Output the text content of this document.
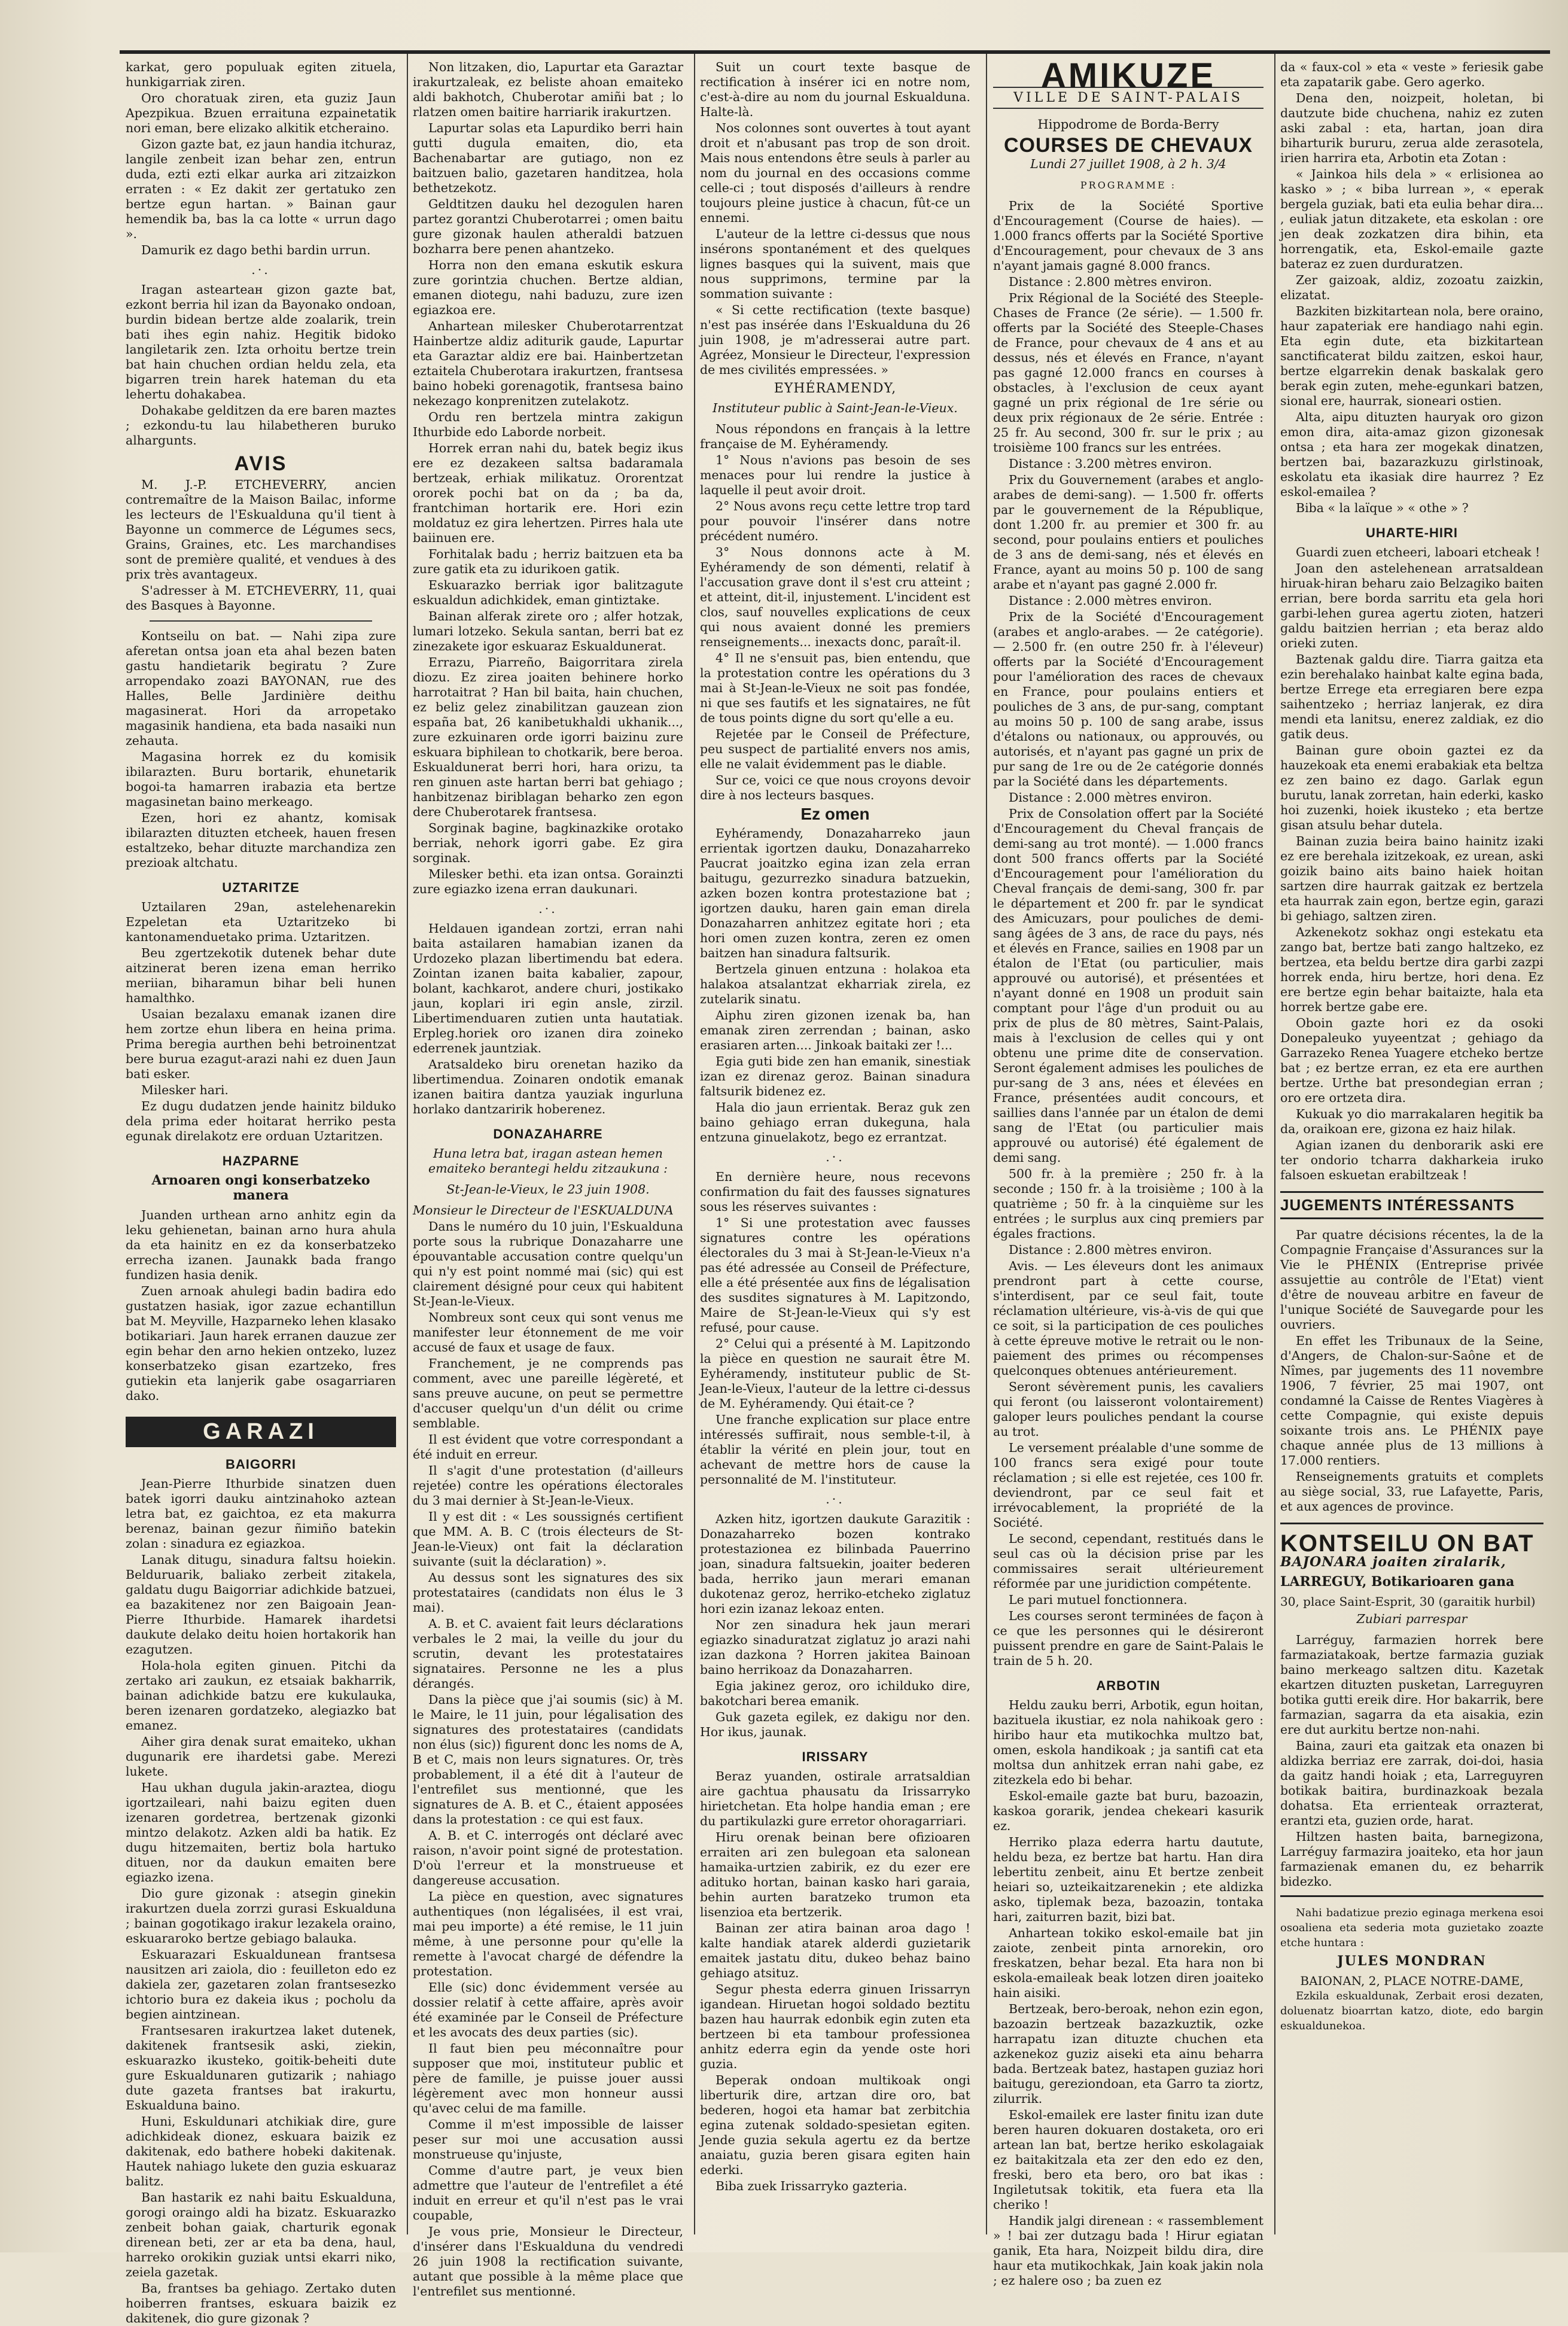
karkat, gero populuak egiten zituela, hunkigarriak ziren.

Oro choratuak ziren, eta guziz Jaun Apezpikua. Bzuen erraituna ezpainetatik nori eman, bere elizako alkitik etcheraino.

Gizon gazte bat, ez jaun handia itchuraz, langile zenbeit izan behar zen, entrun duda, ezti ezti elkar aurka ari zitzaizkon erraten : « Ez dakit zer gertatuko zen bertze egun hartan. » Bainan gaur hemendik ba, bas la ca lotte « urrun dago ».

Damurik ez dago bethi bardin urrun.

.·.

Iragan astearteaн gizon gazte bat, ezkont berria hil izan da Bayonako ondoan, burdin bidean bertze alde zoalarik, trein bati ihes egin nahiz. Hegitik bidoko langiletarik zen. Izta orhoitu bertze trein bat hain chuchen ordian heldu zela, eta bigarren trein harek hateman du eta lehertu dohakabea.

Dohakabe gelditzen da ere baren maztes ; ezkondu-tu lau hilabetheren buruko alhargunts.

AVIS

M. J.-P. ETCHEVERRY, ancien contremaître de la Maison Bailac, informe les lecteurs de l'Eskualduna qu'il tient à Bayonne un commerce de Légumes secs, Grains, Graines, etc. Les marchandises sont de première qualité, et vendues à des prix très avantageux.

S'adresser à M. ETCHEVERRY, 11, quai des Basques à Bayonne.

Kontseilu on bat. — Nahi ziра zure aferetan ontsa joan eta ahal bezen baten gastu handietarik begiratu ? Zure arropendako zoazi BAYONAN, rue des Halles, Belle Jardinière deithu magasinerat. Hori da arropetako magasinik handiena, eta bada nasaiki nun zehauta.

Magasina horrek ez du komisik ibilarazten. Buru bortarik, ehunetarik bogoi-ta hamarren irabazia eta bertze magasinetan baino merkeago.

Ezen, hori ez ahantz, komisak ibilarazten dituzten etcheek, hauen fresen estaltzeko, behar dituzte marchandiza zen prezioak altchatu.

UZTARITZE

Uztailaren 29an, astelehenarekin Ezpeletan eta Uztaritzeko bi kantonamenduetako prima. Uztaritzen.

Beu zgertzekotik dutenek behar dute aitzinerat beren izena eman herriko meriian, biharamun bihar beli hunen hamalthko.

Usaian bezalaxu emanak izanen dire hem zortze ehun libera en heina prima. Prima beregia aurthen behi betroinentzat bere burua ezagut-arazi nahi ez duen Jaun bati esker.

Milesker hari.

Ez dugu dudatzen jende hainitz bilduko dela prima eder hoitarat herriko pesta egunak direlakotz ere orduan Uztaritzen.

HAZPARNE
Arnoaren ongi konserbatzeko manera

Juanden urthean arno anhitz egin da leku gehienetan, bainan arno hura ahula da eta hainitz en ez da konserbatzeko errecha izanen. Jaunakk bada frango fundizen hasia denik.

Zuen arnoak ahulegi badin badira edo gustatzen hasiak, igor zazue echantillun bat M. Meyville, Hazparneko lehen klasako botikariari. Jaun harek erranen dauzue zer egin behar den arno hekien ontzeko, luzez konserbatzeko gisan ezartzeko, fres gutiekin eta lanjerik gabe osagarriaren dako.

GARAZI
BAIGORRI

Jean-Pierre Ithurbide sinatzen duen batek igorri dauku aintzinahoko aztean letra bat, ez gaichtoa, ez eta makurra berenaz, bainan gezur ñimiño batekin zolan : sinadura ez egiazkoa.

Lanak ditugu, sinadura faltsu hoiekin. Belduruarik, baliako zerbeit zitakela, galdatu dugu Baigorriar adichkide batzuei, ea bazakitenez nor zen Baigoain Jean-Pierre Ithurbide. Hamarek ihardetsi daukute delako deitu hoien hortakorik han ezagutzen.

Hola-hola egiten ginuen. Pitchi da zertako ari zaukun, ez etsaiak bakharrik, bainan adichkide batzu ere kukulauka, beren izenaren gordatzeko, alegiazko bat emanez.

Aiher gira denak surat emaiteko, ukhan dugunarik ere ihardetsi gabe. Merezi lukete.

Hau ukhan dugula jakin-araztea, diogu igortzaileari, nahi baizu egiten duen izenaren gordetrea, bertzenak gizonki mintzo delakotz. Azken aldi ba hatik. Ez dugu hitzemaiten, bertiz bola hartuko dituen, nor da daukun emaiten bere egiazko izena.

Dio gure gizonak : atsegin ginekin irakurtzen duela zorrzi gurasi Eskualduna ; bainan gogotikago irakur lezakela oraino, eskuararoko bertze gebiago balauka.

Eskuarazari Eskualdunean frantsesa nausitzen ari zaiola, dio : feuilleton edo ez dakiela zer, gazetaren zolan frantsesezko ichtorio bura ez dakeia ikus ; pocholu da begien aintzinean.

Frantsesaren irakurtzea laket dutenek, dakitenek frantsesik aski, ziekin, eskuarazko ikusteko, goitik-beheiti dute gure Eskualdunaren gutizarik ; nahiago dute gazeta frantses bat irakurtu, Eskualduna baino.

Huni, Eskuldunari atchikiak dire, gure adichkideak dionez, eskuara baizik ez dakitenak, edo bathere hobeki dakitenak. Hautek nahiago lukete den guzia eskuaraz balitz.

Ban hastarik ez nahi baitu Eskualduna, gorogi oraingo aldi ha bizatz. Eskuarazko zenbeit bohan gaiak, charturik egonak direnean beti, zer ar eta ba dena, haul, harreko orokikin guziak untsi ekarri niko, zeiela gazetak.

Ba, frantses ba gehiago. Zertako duten hoiberren frantses, eskuara baizik ez dakitenek, dio gure gizonak ?

Non litzaken, dio, Lapurtar eta Garaztar irakurtzaleak, ez beliste ahoan emaiteko aldi bakhotch, Chuberotar amiñi bat ; lo rlatzen omen baitire harriarik irakurtzen.

Lapurtar solas eta Lapurdiko berri hain gutti dugula emaiten, dio, eta Bachenabartar are gutiago, non ez baitzuen balio, gazetaren handitzea, hola bethetzekotz.

Geldtitzen dauku hel dezogulen haren partez gorantzi Chuberotarrei ; omen baitu gure gizonak haulen atheraldi batzuen bozharra bere penen ahantzeko.

Horra non den emana eskutik eskura zure gorintzia chuchen. Bertze aldian, emanen diotegu, nahi baduzu, zure izen egiazkoa ere.

Anhartean milesker Chuberotarrentzat Hainbertze aldiz aditurik gaude, Lapurtar eta Garaztar aldiz ere bai. Hainbertzetan eztaitela Chuberotara irakurtzen, frantsesa baino hobeki gorenagotik, frantsesa baino nekezago konprenitzen zutelakotz.

Ordu ren bertzela mintra zakigun Ithurbide edo Laborde norbeit.

Horrek erran nahi du, batek begiz ikus ere ez dezakeen saltsa badaramala bertzeak, erhiak milikatuz. Ororentzat ororek pochi bat on da ; ba da, frantchiman hortarik ere. Hori ezin moldatuz ez gira lehertzen. Pirres hala ute baiinuen ere.

Forhitalak badu ; herriz baitzuen eta ba zure gatik eta zu idurikoen gatik.

Eskuarazko berriak igor balitzagute eskualdun adichkidek, eman gintiztake.

Bainan alferak zirete oro ; alfer hotzak, lumari lotzeko. Sekula santan, berri bat ez zinezakete igor eskuaraz Eskualdunerat.

Errazu, Piarreño, Baigorritara zirela diozu. Ez zirea joaiten behinere horko harrotaitrat ? Han bil baita, hain chuchen, ez beliz gelez zinabilitzan gauzean zion españa bat, 26 kanibetukhaldi ukhanik..., zure ezkuinaren orde igorri baizinu zure eskuara biphilean to chotkarik, bere beroa. Eskualdunerat berri hori, hara orizu, ta ren ginuen aste hartan berri bat gehiago ; hanbitzenaz biriblagan beharko zen egon dere Chuberotarek frantsesa.

Sorginak bagine, bagkinazkike orotako berriak, nehork igorri gabe. Ez gira sorginak.

Milesker bethi. eta izan ontsa. Gorainzti zure egiazko izena erran daukunari.

.·.

Heldauen igandean zortzi, erran nahi baita astailaren hamabian izanen da Urdozeko plazan libertimendu bat edera. Zointan izanen baita kabalier, zapour, bolant, kachkarot, andere churi, jostikako jaun, koplari iri egin ansle, zirzil. Libertimenduaren zutien unta hautatiak. Erpleg.horiek oro izanen dira zoineko ederrenek jauntziak.

Aratsaldeko biru orenetan haziko da libertimendua. Zoinaren ondotik emanak izanen baitira dantza yauziak ingurluna horlako dantzaririk hoberenez.

DONAZAHARRE
Huna letra bat, iragan astean hemen emaiteko berantegi heldu zitzaukuna :
St-Jean-le-Vieux, le 23 juin 1908.

Monsieur le Directeur de l'ESKUALDUNA

Dans le numéro du 10 juin, l'Eskualduna porte sous la rubrique Donazaharre une épouvantable accusation contre quelqu'un qui n'y est point nommé mai (sic) qui est clairement désigné pour ceux qui habitent St-Jean-le-Vieux.

Nombreux sont ceux qui sont venus me manifester leur étonnement de me voir accusé de faux et usage de faux.

Franchement, je ne comprends pas comment, avec une pareille légèreté, et sans preuve aucune, on peut se permettre d'accuser quelqu'un d'un délit ou crime semblable.

Il est évident que votre correspondant a été induit en erreur.

Il s'agit d'une protestation (d'ailleurs rejetée) contre les opérations électorales du 3 mai dernier à St-Jean-le-Vieux.

Il y est dit : « Les soussignés certifient que MM. A. B. C (trois électeurs de St-Jean-le-Vieux) ont fait la déclaration suivante (suit la déclaration) ».

Au dessus sont les signatures des six protestataires (candidats non élus le 3 mai).

A. B. et C. avaient fait leurs déclarations verbales le 2 mai, la veille du jour du scrutin, devant les protestataires signataires. Personne ne les a plus dérangés.

Dans la pièce que j'ai soumis (sic) à M. le Maire, le 11 juin, pour légalisation des signatures des protestataires (candidats non élus (sic)) figurent donc les noms de A, B et C, mais non leurs signatures. Or, très probablement, il a été dit à l'auteur de l'entrefilet sus mentionné, que les signatures de A. B. et C., étaient apposées dans la protestation : ce qui est faux.

A. B. et C. interrogés ont déclaré avec raison, n'avoir point signé de protestation. D'où l'erreur et la monstrueuse et dangereuse accusation.

La pièce en question, avec signatures authentiques (non légalisées, il est vrai, mai peu importe) a été remise, le 11 juin même, à une personne pour qu'elle la remette à l'avocat chargé de défendre la protestation.

Elle (sic) donc évidemment versée au dossier relatif à cette affaire, après avoir été examinée par le Conseil de Préfecture et les avocats des deux parties (sic).

Il faut bien peu méconnaître pour supposer que moi, instituteur public et père de famille, je puisse jouer aussi légèrement avec mon honneur aussi qu'avec celui de ma famille.

Comme il m'est impossible de laisser peser sur moi une accusation aussi monstrueuse qu'injuste,

Comme d'autre part, je veux bien admettre que l'auteur de l'entrefilet a été induit en erreur et qu'il n'est pas le vrai coupable,

Je vous prie, Monsieur le Directeur, d'insérer dans l'Eskualduna du vendredi 26 juin 1908 la rectification suivante, autant que possible à la même place que l'entrefilet sus mentionné.

Suit un court texte basque de rectification à insérer ici en notre nom, c'est-à-dire au nom du journal Eskualduna. Halte-là.

Nos colonnes sont ouvertes à tout ayant droit et n'abusant pas trop de son droit. Mais nous entendons être seuls à parler au nom du journal en des occasions comme celle-ci ; tout disposés d'ailleurs à rendre toujours pleine justice à chacun, fût-ce un ennemi.

L'auteur de la lettre ci-dessus que nous insérons spontanément et des quelques lignes basques qui la suivent, mais que nous supprimons, termine par la sommation suivante :

« Si cette rectification (texte basque) n'est pas insérée dans l'Eskualduna du 26 juin 1908, je m'adresserai autre part. Agréez, Monsieur le Directeur, l'expression de mes civilités empressées. »

EYHÉRAMENDY,
Instituteur public à Saint-Jean-le-Vieux.

Nous répondons en français à la lettre française de M. Eyhéramendy.

1° Nous n'avions pas besoin de ses menaces pour lui rendre la justice à laquelle il peut avoir droit.

2° Nous avons reçu cette lettre trop tard pour pouvoir l'insérer dans notre précédent numéro.

3° Nous donnons acte à M. Eyhéramendy de son démenti, relatif à l'accusation grave dont il s'est cru atteint ; et atteint, dit-il, injustement. L'incident est clos, sauf nouvelles explications de ceux qui nous avaient donné les premiers renseignements... inexacts donc, paraît-il.

4° Il ne s'ensuit pas, bien entendu, que la protestation contre les opérations du 3 mai à St-Jean-le-Vieux ne soit pas fondée, ni que ses fautifs et les signataires, ne fût de tous points digne du sort qu'elle a eu.

Rejetée par le Conseil de Préfecture, peu suspect de partialité envers nos amis, elle ne valait évidemment pas le diable.

Sur ce, voici ce que nous croyons devoir dire à nos lecteurs basques.

Ez omen

Eyhéramendy, Donazaharreko jaun errientak igortzen dauku, Donazaharreko Paucrat joaitzko egina izan zela erran baitugu, gezurrezko sinadura batzuekin, azken bozen kontra protestazione bat ; igortzen dauku, haren gain eman direla Donazaharren anhitzez egitate hori ; eta hori omen zuzen kontra, zeren ez omen baitzen han sinadura faltsurik.

Bertzela ginuen entzuna : holakoa eta halakoa atsalantzat ekharriak zirela, ez zutelarik sinatu.

Aiphu ziren gizonen izenak ba, han emanak ziren zerrendan ; bainan, asko erasiaren arten.... Jinkoak baitaki zer !...

Egia guti bide zen han emanik, sinestiak izan ez direnaz geroz. Bainan sinadura faltsurik bidenez ez.

Hala dio jaun errientak. Beraz guk zen baino gehiago erran dukeguna, hala entzuna ginuelakotz, bego ez errantzat.

.·.

En dernière heure, nous recevons confirmation du fait des fausses signatures sous les réserves suivantes :

1° Si une protestation avec fausses signatures contre les opérations électorales du 3 mai à St-Jean-le-Vieux n'a pas été adressée au Conseil de Préfecture, elle a été présentée aux fins de légalisation des susdites signatures à M. Lapitzondo, Maire de St-Jean-le-Vieux qui s'y est refusé, pour cause.

2° Celui qui a présenté à M. Lapitzondo la pièce en question ne saurait être M. Eyhéramendy, instituteur public de St-Jean-le-Vieux, l'auteur de la lettre ci-dessus de M. Eyhéramendy. Qui était-ce ?

Une franche explication sur place entre intéressés suffirait, nous semble-t-il, à établir la vérité en plein jour, tout en achevant de mettre hors de cause la personnalité de M. l'instituteur.

.·.

Azken hitz, igortzen daukute Garazitik : Donazaharreko bozen kontrako protestazionea ez bilinbada Pauerrino joan, sinadura faltsuekin, joaiter bederen bada, herriko jaun merari emanan dukotenaz geroz, herriko-etcheko ziglatuz hori ezin izanaz lekoaz enten.

Nor zen sinadura hek jaun merari egiazko sinaduratzat ziglatuz jo arazi nahi izan dazkona ? Horren jakitea Bainoan baino herrikoaz da Donazaharren.

Egia jakinez geroz, oro ichilduko dire, bakotchari berea emanik.

Guk gazeta egilek, ez dakigu nor den. Hor ikus, jaunak.

IRISSARY

Beraz yuanden, ostirale arratsaldian aire gachtua phausatu da Irissarryko hirietchetan. Eta holpe handia eman ; ere du partikulazki gure erretor ohoragarriari.

Hiru orenak beinan bere ofizioaren erraiten ari zen bulegoan eta salonean hamaika-urtzien zabirik, ez du ezer ere adituko hortan, bainan kasko hari garaia, behin aurten baratzeko trumon eta lisenzioa eta bertzerik.

Bainan zer atira bainan aroa dago ! kalte handiak atarek alderdi guzietarik emaitek jastatu ditu, dukeo behaz baino gehiago atsituz.

Segur phesta ederra ginuen Irissarryn igandean. Hiruetan hogoi soldado beztitu bazen hau haurrak edonbik egin zuten eta bertzeen bi eta tambour professionea anhitz ederra egin da yende oste hori guzia.

Beperak ondoan multikoak ongi liberturik dire, artzan dire oro, bat bederen, hogoi eta hamar bat zerbitchia egina zutenak soldado-spesietan egiten. Jende guzia sekula agertu ez da bertze anaiatu, guzia beren gisara egiten hain ederki.

Biba zuek Irissarryko gazteria.

AMIKUZE
VILLE DE SAINT-PALAIS
Hippodrome de Borda-Berry
COURSES DE CHEVAUX
Lundi 27 juillet 1908, à 2 h. 3/4
PROGRAMME :

Prix de la Société Sportive d'Encouragement (Course de haies). — 1.000 francs offerts par la Société Sportive d'Encouragement, pour chevaux de 3 ans n'ayant jamais gagné 8.000 francs.

Distance : 2.800 mètres environ.

Prix Régional de la Société des Steeple-Chases de France (2e série). — 1.500 fr. offerts par la Société des Steeple-Chases de France, pour chevaux de 4 ans et au dessus, nés et élevés en France, n'ayant pas gagné 12.000 francs en courses à obstacles, à l'exclusion de ceux ayant gagné un prix régional de 1re série ou deux prix régionaux de 2e série. Entrée : 25 fr. Au second, 300 fr. sur le prix ; au troisième 100 francs sur les entrées.

Distance : 3.200 mètres environ.

Prix du Gouvernement (arabes et anglo-arabes de demi-sang). — 1.500 fr. offerts par le gouvernement de la République, dont 1.200 fr. au premier et 300 fr. au second, pour poulains entiers et pouliches de 3 ans de demi-sang, nés et élevés en France, ayant au moins 50 p. 100 de sang arabe et n'ayant pas gagné 2.000 fr.

Distance : 2.000 mètres environ.

Prix de la Société d'Encouragement (arabes et anglo-arabes. — 2e catégorie). — 2.500 fr. (en outre 250 fr. à l'éleveur) offerts par la Société d'Encouragement pour l'amélioration des races de chevaux en France, pour poulains entiers et pouliches de 3 ans, de pur-sang, comptant au moins 50 p. 100 de sang arabe, issus d'étalons ou nationaux, ou approuvés, ou autorisés, et n'ayant pas gagné un prix de pur sang de 1re ou de 2e catégorie donnés par la Société dans les départements.

Distance : 2.000 mètres environ.

Prix de Consolation offert par la Société d'Encouragement du Cheval français de demi-sang au trot monté). — 1.000 francs dont 500 francs offerts par la Société d'Encouragement pour l'amélioration du Cheval français de demi-sang, 300 fr. par le département et 200 fr. par le syndicat des Amicuzars, pour pouliches de demi-sang âgées de 3 ans, de race du pays, nés et élevés en France, sailies en 1908 par un étalon de l'Etat (ou particulier, mais approuvé ou autorisé), et présentées et n'ayant donné en 1908 un produit sain comptant pour l'âge d'un produit ou au prix de plus de 80 mètres, Saint-Palais, mais à l'exclusion de celles qui y ont obtenu une prime dite de conservation. Seront également admises les pouliches de pur-sang de 3 ans, nées et élevées en France, présentées audit concours, et saillies dans l'année par un étalon de demi sang de l'Etat (ou particulier mais approuvé ou autorisé) été également de demi sang.

500 fr. à la première ; 250 fr. à la seconde ; 150 fr. à la troisième ; 100 à la quatrième ; 50 fr. à la cinquième sur les entrées ; le surplus aux cinq premiers par égales fractions.

Distance : 2.800 mètres environ.

Avis. — Les éleveurs dont les animaux prendront part à cette course, s'interdisent, par ce seul fait, toute réclamation ultérieure, vis-à-vis de qui que ce soit, si la participation de ces pouliches à cette épreuve motive le retrait ou le non-paiement des primes ou récompenses quelconques obtenues antérieurement.

Seront sévèrement punis, les cavaliers qui feront (ou laisseront volontairement) galoper leurs pouliches pendant la course au trot.

Le versement préalable d'une somme de 100 francs sera exigé pour toute réclamation ; si elle est rejetée, ces 100 fr. deviendront, par ce seul fait et irrévocablement, la propriété de la Société.

Le second, cependant, restitués dans le seul cas où la décision prise par les commissaires serait ultérieurement réformée par une juridiction compétente.

Le pari mutuel fonctionnera.

Les courses seront terminées de façon à ce que les personnes qui le désireront puissent prendre en gare de Saint-Palais le train de 5 h. 20.

ARBOTIN

Heldu zauku berri, Arbotik, egun hoitan, bazituela ikustiar, ez nola nahikoak gero : hiribo haur eta mutikochka multzo bat, omen, eskola handikoak ; ja santifi cat eta moltsa dun anhitzek erran nahi gabe, ez zitezkela edo bi behar.

Eskol-emaile gazte bat buru, bazoazin, kaskoa gorarik, jendea chekeari kasurik ez.

Herriko plaza ederra hartu dautute, heldu beza, ez bertze bat hartu. Han dira lebertitu zenbeit, ainu Et bertze zenbeit heiari so, uzteikaitzarenekin ; ete aldizka asko, tiplemak beza, bazoazin, tontaka hari, zaiturren bazit, bizi bat.

Anhartean tokiko eskol-emaile bat jin zaiote, zenbeit pinta arnorekin, oro freskatzen, behar bezal. Eta hara non bi eskola-emaileak beak lotzen diren joaiteko hain aisiki.

Bertzeak, bero-beroak, nehon ezin egon, bazoazin bertzeak bazazkuztik, ozke harrapatu izan dituzte chuchen eta azkenekoz guziz aiseki eta ainu beharra bada. Bertzeak batez, hastapen guziaz hori baitugu, gereziondoan, eta Garro ta ziortz, zilurrik.

Eskol-emailek ere laster finitu izan dute beren hauren dokuaren dostaketa, oro eri artean lan bat, bertze heriko eskolagaiak ez baitakitzala eta zer den edo ez den, freski, bero eta bero, oro bat ikas : Ingiletutsak tokitik, eta fuera eta lla cheriko !

Handik jalgi direnean : « rassemblement » ! bai zer dutzagu bada ! Hirur egiatan ganik, Eta hara, Noizpeit bildu dira, dire haur eta mutikochkak, Jain koak jakin nola ; ez halere oso ; ba zuen ez

da « faux-col » eta « veste » feriesik gabe eta zapatarik gabe. Gero agerko.

Dena den, noizpeit, holetan, bi dautzute bide chuchena, nahiz ez zuten aski zabal : eta, hartan, joan dira biharturik bururu, zerua alde zerasotela, irien harrira eta, Arbotin eta Zotan :

« Jainkoa hils dela » « erlisionea ao kasko » ; « biba lurrean », « eperak bergela guziak, bati eta eulia behar dira... , euliak jatun ditzakete, eta eskolan : ore jen deak zozkatzen dira bihin, eta horrengatik, eta, Eskol-emaile gazte bateraz ez zuen durduratzen.

Zer gaizoak, aldiz, zozoatu zaizkin, elizatat.

Bazkiten bizkitartean nola, bere oraino, haur zapateriak ere handiago nahi egin. Eta egin dute, eta bizkitartean sanctificaterat bildu zaitzen, eskoi haur, bertze elgarrekin denak baskalak gero berak egin zuten, mehe-egunkari batzen, sional ere, haurrak, sioneari ostien.

Alta, aipu dituzten hauryak oro gizon emon dira, aita-amaz gizon gizonesak ontsa ; eta hara zer mogekak dinatzen, bertzen bai, bazarazkuzu girlstinoak, eskolatu eta ikasiak dire haurrez ? Ez eskol-emailea ?

Biba « la laïque » « othe » ?

UHARTE-HIRI

Guardi zuen etcheeri, laboari etcheak !

Joan den astelehenean arratsaldean hiruak-hiran beharu zaio Belzagiko baiten errian, bere borda sarritu eta gela hori garbi-lehen gurea agertu zioten, hatzeri galdu baitzien herrian ; eta beraz aldo orieki zuten.

Baztenak galdu dire. Tiarra gaitza eta ezin berehalako hainbat kalte egina bada, bertze Errege eta erregiaren bere ezpa saihentzeko ; herriaz lanjerak, ez dira mendi eta lanitsu, enerez zaldiak, ez dio gatik deus.

Bainan gure oboin gaztei ez da hauzekoak eta enemi erabakiak eta beltza ez zen baino ez dago. Garlak egun burutu, lanak zorretan, hain ederki, kasko hoi zuzenki, hoiek ikusteko ; eta bertze gisan atsulu behar dutela.

Bainan zuzia beira baino hainitz izaki ez ere berehala izitzekoak, ez urean, aski goizik baino aits baino haiek hoitan sartzen dire haurrak gaitzak ez bertzela eta haurrak zain egon, bertze egin, garazi bi gehiago, saltzen ziren.

Azkenekotz sokhaz ongi estekatu eta zango bat, bertze bati zango haltzeko, ez bertzea, eta beldu bertze dira garbi zazpi horrek enda, hiru bertze, hori dena. Ez ere bertze egin behar baitaizte, hala eta horrek bertze gabe ere.

Oboin gazte hori ez da osoki Donepaleuko yuyeentzat ; gehiago da Garrazeko Renea Yuagere etcheko bertze bat ; ez bertze erran, ez eta ere aurthen bertze. Urthe bat presondegian erran ; oro ere ortzeta dira.

Kukuak yo dio marrakalaren hegitik ba da, oraikoan ere, gizona ez haiz hilak.

Agian izanen du denborarik aski ere ter ondorio tcharra dakharkeia iruko falsoen eskuetan erabiltzeak !

JUGEMENTS INTÉRESSANTS

Par quatre décisions récentes, la de la Compagnie Française d'Assurances sur la Vie le PHÉNIX (Entreprise privée assujettie au contrôle de l'Etat) vient d'être de nouveau arbitre en faveur de l'unique Société de Sauvegarde pour les ouvriers.

En effet les Tribunaux de la Seine, d'Angers, de Chalon-sur-Saône et de Nîmes, par jugements des 11 novembre 1906, 7 février, 25 mai 1907, ont condamné la Caisse de Rentes Viagères à cette Compagnie, qui existe depuis soixante trois ans. Le PHÉNIX paye chaque année plus de 13 millions à 17.000 rentiers.

Renseignements gratuits et complets au siège social, 33, rue Lafayette, Paris, et aux agences de province.

KONTSEILU ON BAT
BAJONARA joaiten ziralarik,
LARREGUY, Botikarioaren gana
30, place Saint-Esprit, 30 (garaitik hurbil)
Zubiari parrespar

Larréguy, farmazien horrek bere farmaziatakoak, bertze farmazia guziak baino merkeago saltzen ditu. Kazetak ekartzen dituzten pusketan, Larreguyren botika gutti ereik dire. Hor bakarrik, bere farmazian, sagarra da eta aisakia, ezin ere dut aurkitu bertze non-nahi.

Baina, zauri eta gaitzak eta onazen bi aldizka berriaz ere zarrak, doi-doi, hasia da gaitz handi hoiak ; eta, Larreguyren botikak baitira, burdinazkoak bezala dohatsa. Eta errienteak orrazterat, erantzi eta, guzien orde, harat.

Hiltzen hasten baita, barnegizona, Larréguy farmazira joaiteko, eta hor jaun farmazienak emanen du, ez beharrik bidezko.

Nahi badatizue prezio eginaga merkena esoi osoaliena eta sederia mota guzietako zoazte etche huntara :

JULES MONDRAN
BAIONAN, 2, PLACE NOTRE-DAME,

Ezkila eskualdunak, Zerbait erosi dezaten, doluenatz bioarrtan katzo, diote, edo bargin eskualdunekoa.
